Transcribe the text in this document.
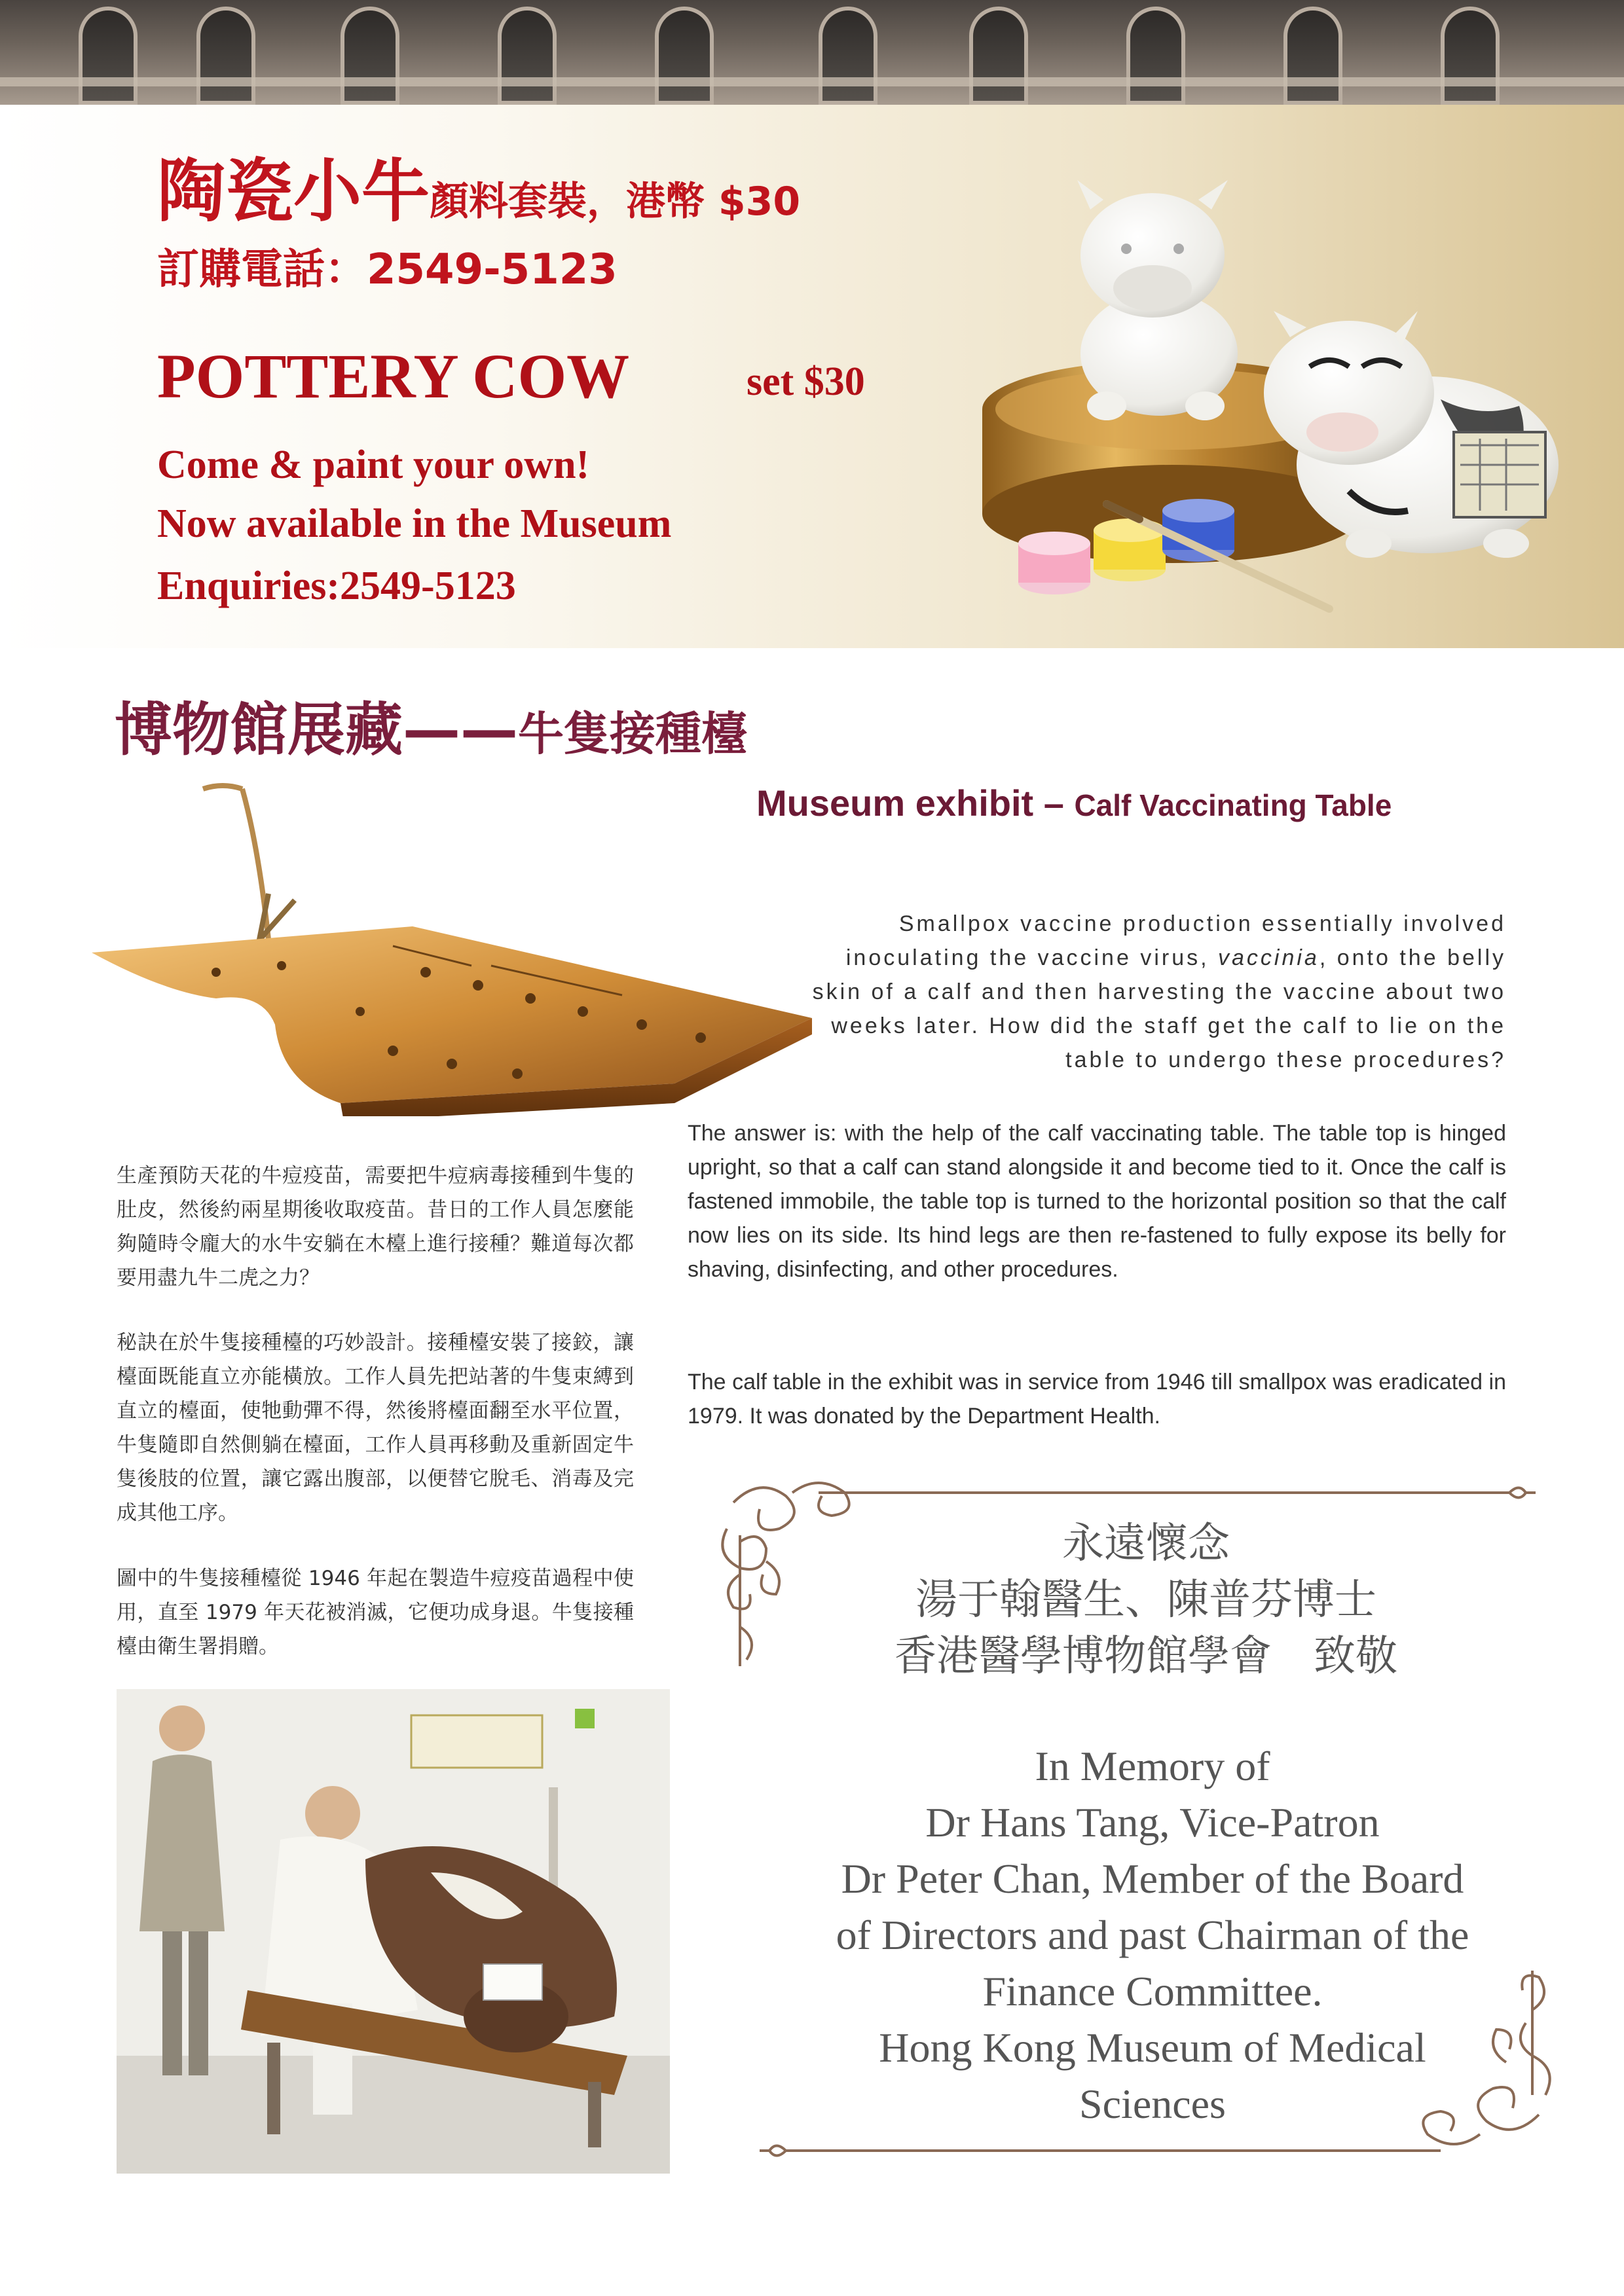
陶瓷小牛顏料套裝，港幣 $30
訂購電話：2549-5123
POTTERY COW	set $30
Come & paint your own!
Now available in the Museum
Enquiries:2549-5123
博物館展藏——牛隻接種檯
Museum exhibit – Calf Vaccinating Table
Smallpox vaccine production essentially involved inoculating the vaccine virus, vaccinia, onto the belly skin of a calf and then harvesting the vaccine about two weeks later. How did the staff get the calf to lie on the table to undergo these procedures?
The answer is: with the help of the calf vaccinating table. The table top is hinged upright, so that a calf can stand alongside it and become tied to it. Once the calf is fastened immobile, the table top is turned to the horizontal position so that the calf now lies on its side. Its hind legs are then re-fastened to fully expose its belly for shaving, disinfecting, and other procedures.
The calf table in the exhibit was in service from 1946 till smallpox was eradicated in 1979. It was donated by the Department Health.
生產預防天花的牛痘疫苗，需要把牛痘病毒接種到牛隻的肚皮，然後約兩星期後收取疫苗。昔日的工作人員怎麼能夠隨時令龐大的水牛安躺在木檯上進行接種？難道每次都要用盡九牛二虎之力？
秘訣在於牛隻接種檯的巧妙設計。接種檯安裝了接鉸，讓檯面既能直立亦能橫放。工作人員先把站著的牛隻束縛到直立的檯面，使牠動彈不得，然後將檯面翻至水平位置，牛隻隨即自然側躺在檯面，工作人員再移動及重新固定牛隻後肢的位置，讓它露出腹部，以便替它脫毛、消毒及完成其他工序。
圖中的牛隻接種檯從 1946 年起在製造牛痘疫苗過程中使用，直至 1979 年天花被消滅，它便功成身退。牛隻接種檯由衛生署捐贈。
永遠懷念
湯于翰醫生、陳普芬博士
香港醫學博物館學會　致敬
In Memory of
Dr Hans Tang, Vice-Patron
Dr Peter Chan, Member of the Board
of Directors and past Chairman of the
Finance Committee.
Hong Kong Museum of Medical
Sciences
